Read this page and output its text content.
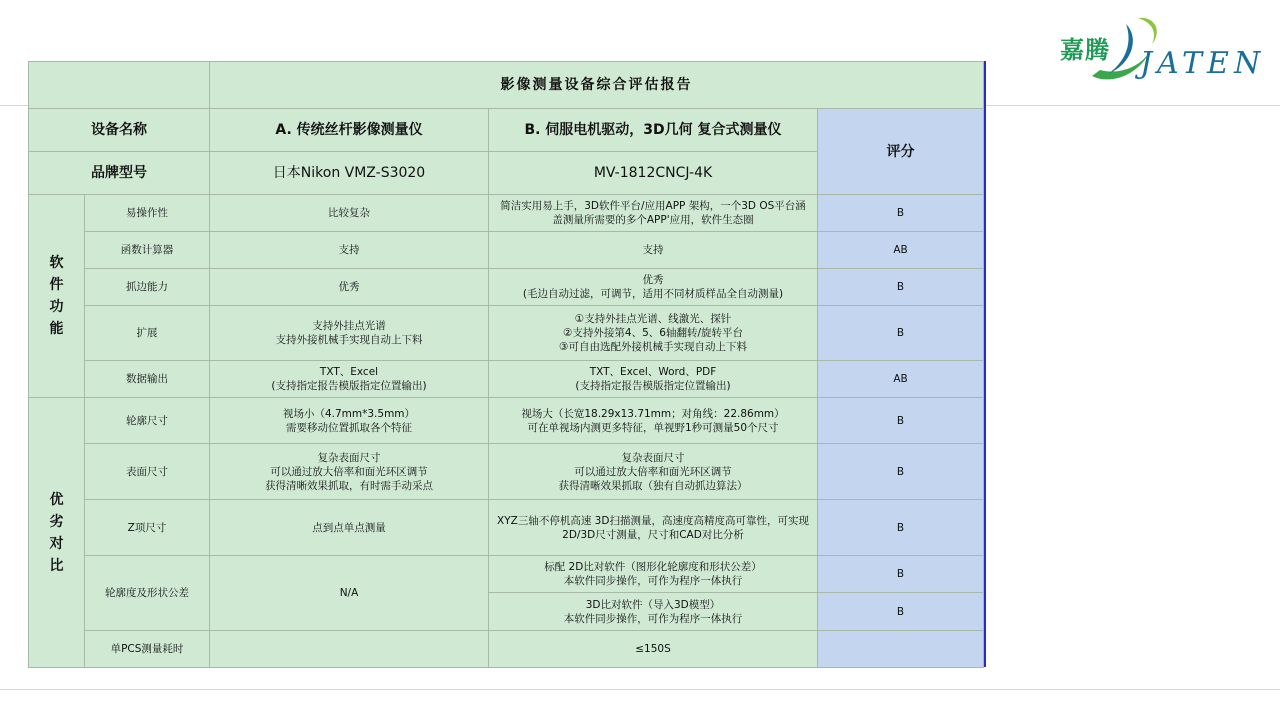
嘉腾 JATEN
		影像测量设备综合评估报告		
设备名称		A. 传统丝杆影像测量仪	B. 伺服电机驱动，3D几何 复合式测量仪	评分
品牌型号		日本Nikon VMZ-S3020	MV-1812CNCJ-4K	

软
件
功
能	易操作性	比较复杂	简洁实用易上手，3D软件平台/应用APP 架构，一个3D OS平台涵
盖测量所需要的多个APP'应用，软件生态圈	B
	函数计算器	支持	支持	AB
	抓边能力	优秀	优秀
(毛边自动过滤，可调节，适用不同材质样品全自动测量)	B
	扩展	支持外挂点光谱
支持外接机械手实现自动上下料	①支持外挂点光谱、线激光、探针
②支持外接第4、5、6轴翻转/旋转平台
③可自由选配外接机械手实现自动上下料	B
	数据输出	TXT、Excel
(支持指定报告模版指定位置输出)	TXT、Excel、Word、PDF
(支持指定报告模版指定位置输出)	AB

优
劣
对
比	轮廓尺寸	视场小（4.7mm*3.5mm）
需要移动位置抓取各个特征	视场大（长宽18.29x13.71mm；对角线：22.86mm）
可在单视场内测更多特征，单视野1秒可测量50个尺寸	B
	表面尺寸	复杂表面尺寸
可以通过放大倍率和面光环区调节
获得清晰效果抓取，有时需手动采点	复杂表面尺寸
可以通过放大倍率和面光环区调节
获得清晰效果抓取（独有自动抓边算法）	B
	Z项尺寸	点到点单点测量	XYZ三轴不停机高速 3D扫描测量，高速度高精度高可靠性，可实现
2D/3D尺寸测量，尺寸和CAD对比分析	B
	轮廓度及形状公差	N/A	标配 2D比对软件（图形化轮廓度和形状公差）
本软件同步操作，可作为程序一体执行	B

			3D比对软件（导入3D模型）
本软件同步操作，可作为程序一体执行	B
	单PCS测量耗时		≤150S	
